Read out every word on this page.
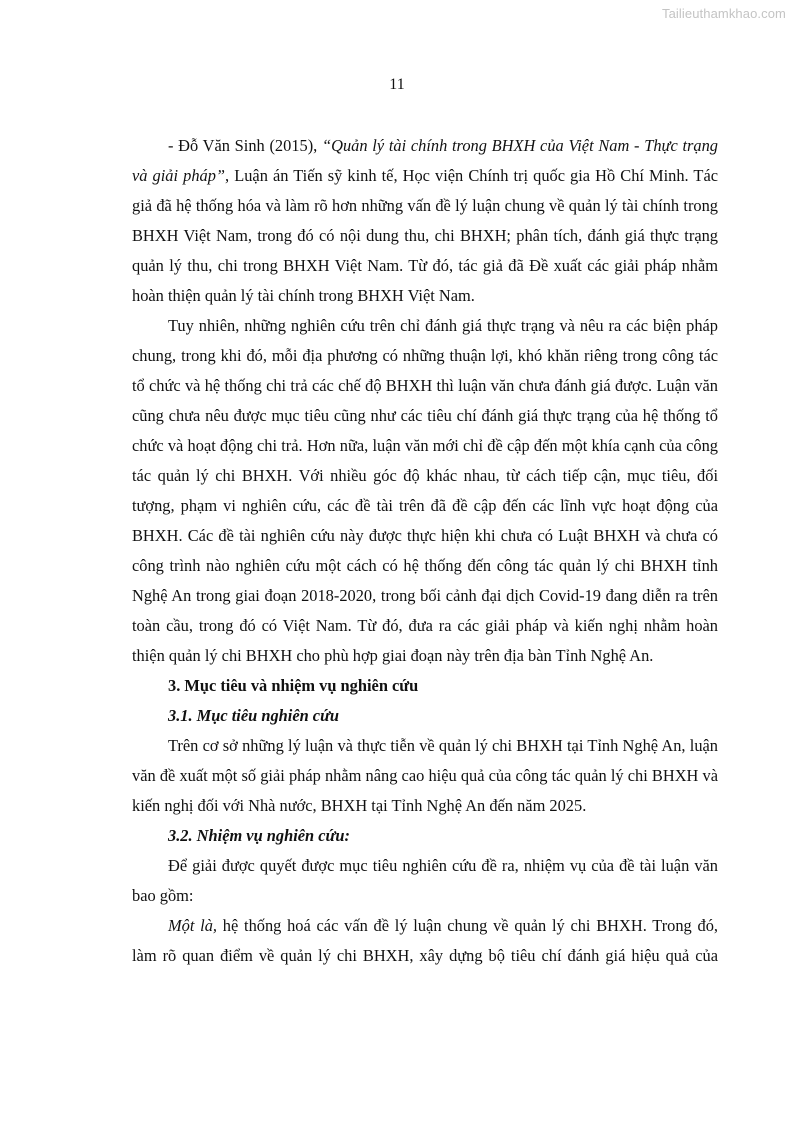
Tailieuthamkhao.com
11

- Đỗ Văn Sinh (2015), “Quản lý tài chính trong BHXH của Việt Nam - Thực trạng và giải pháp”, Luận án Tiến sỹ kinh tế, Học viện Chính trị quốc gia Hồ Chí Minh. Tác giả đã hệ thống hóa và làm rõ hơn những vấn đề lý luận chung về quản lý tài chính trong BHXH Việt Nam, trong đó có nội dung thu, chi BHXH; phân tích, đánh giá thực trạng quản lý thu, chi trong BHXH Việt Nam. Từ đó, tác giả đã Đề xuất các giải pháp nhằm hoàn thiện quản lý tài chính trong BHXH Việt Nam.

Tuy nhiên, những nghiên cứu trên chỉ đánh giá thực trạng và nêu ra các biện pháp chung, trong khi đó, mỗi địa phương có những thuận lợi, khó khăn riêng trong công tác tổ chức và hệ thống chi trả các chế độ BHXH thì luận văn chưa đánh giá được. Luận văn cũng chưa nêu được mục tiêu cũng như các tiêu chí đánh giá thực trạng của hệ thống tổ chức và hoạt động chi trả. Hơn nữa, luận văn mới chỉ đề cập đến một khía cạnh của công tác quản lý chi BHXH. Với nhiều góc độ khác nhau, từ cách tiếp cận, mục tiêu, đối tượng, phạm vi nghiên cứu, các đề tài trên đã đề cập đến các lĩnh vực hoạt động của BHXH. Các đề tài nghiên cứu này được thực hiện khi chưa có Luật BHXH và chưa có công trình nào nghiên cứu một cách có hệ thống đến công tác quản lý chi BHXH tỉnh Nghệ An trong giai đoạn 2018-2020, trong bối cảnh đại dịch Covid-19 đang diễn ra trên toàn cầu, trong đó có Việt Nam. Từ đó, đưa ra các giải pháp và kiến nghị nhằm hoàn thiện quản lý chi BHXH cho phù hợp giai đoạn này trên địa bàn Tỉnh Nghệ An.

3. Mục tiêu và nhiệm vụ nghiên cứu

3.1. Mục tiêu nghiên cứu

Trên cơ sở những lý luận và thực tiễn về quản lý chi BHXH tại Tỉnh Nghệ An, luận văn đề xuất một số giải pháp nhằm nâng cao hiệu quả của công tác quản lý chi BHXH và kiến nghị đối với Nhà nước, BHXH tại Tỉnh Nghệ An đến năm 2025.

3.2. Nhiệm vụ nghiên cứu:

Để giải được quyết được mục tiêu nghiên cứu đề ra, nhiệm vụ của đề tài luận văn bao gồm:

Một là, hệ thống hoá các vấn đề lý luận chung về quản lý chi BHXH. Trong đó, làm rõ quan điểm về quản lý chi BHXH, xây dựng bộ tiêu chí đánh giá hiệu quả của
